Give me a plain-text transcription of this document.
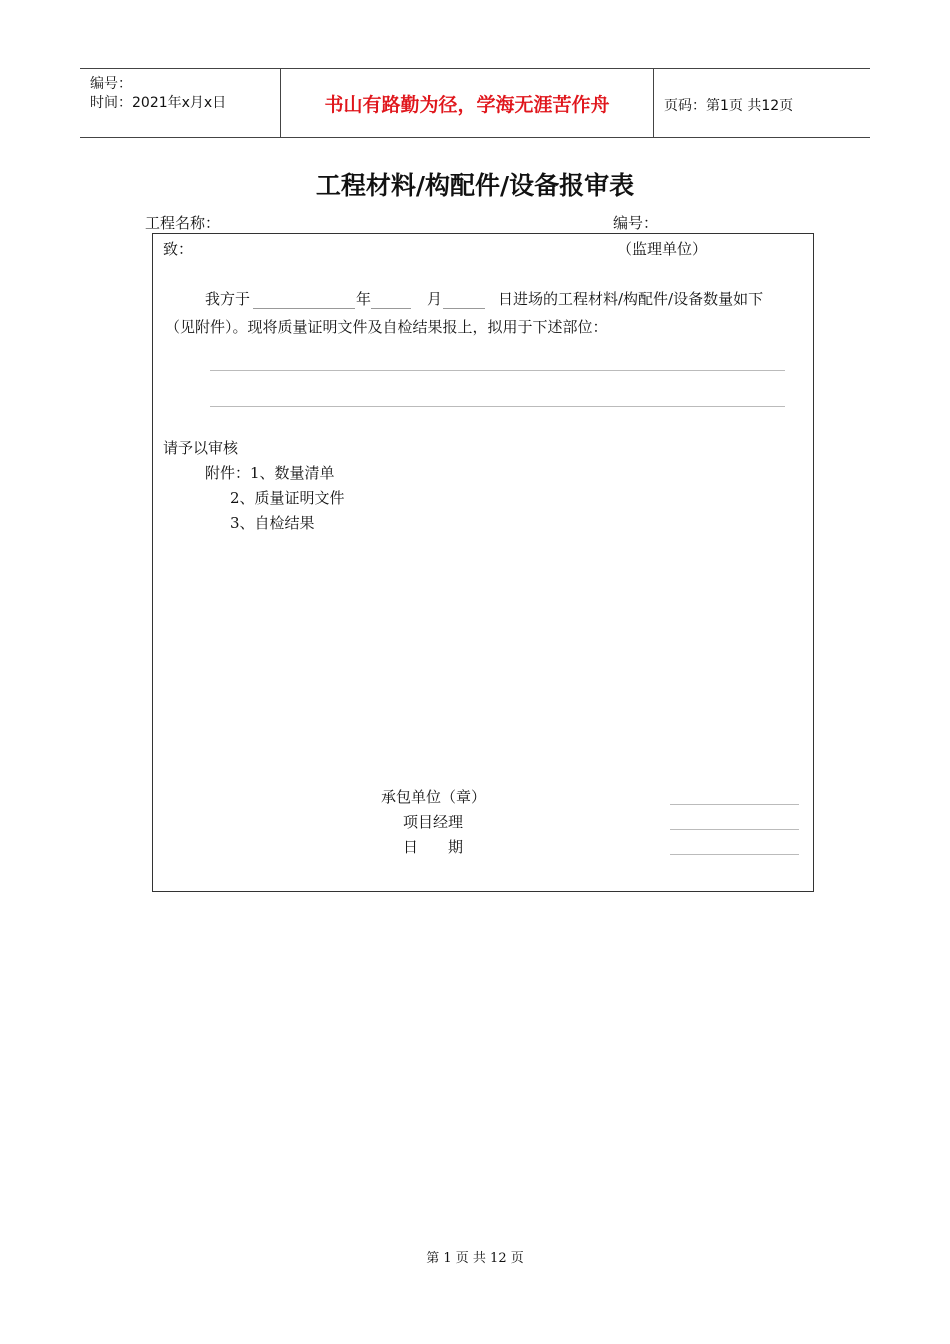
编号：
时间：2021年x月x日	书山有路勤为径，学海无涯苦作舟	页码：第1页 共12页
工程材料/构配件/设备报审表
工程名称：	编号：
致：	（监理单位）
我方于	年	月	日进场的工程材料/构配件/设备数量如下
（见附件）。现将质量证明文件及自检结果报上，拟用于下述部位：
请予以审核
附件：1、数量清单
2、质量证明文件
3、自检结果
承包单位（章）
项目经理
日　　期
第 1 页 共 12 页
